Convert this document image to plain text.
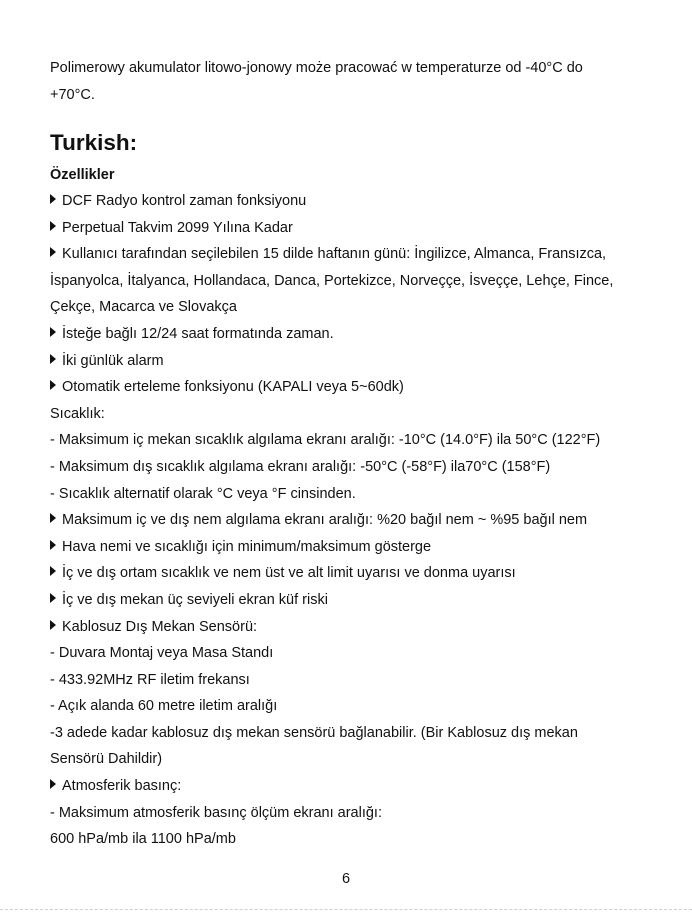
Polimerowy akumulator litowo-jonowy może pracować w temperaturze od -40°C do
+70°C.
Turkish:
Özellikler
DCF Radyo kontrol zaman fonksiyonu
Perpetual Takvim 2099 Yılına Kadar
Kullanıcı tarafından seçilebilen 15 dilde haftanın günü: İngilizce, Almanca, Fransızca,
İspanyolca, İtalyanca, Hollandaca, Danca, Portekizce, Norveççe, İsveççe, Lehçe, Fince,
Çekçe, Macarca ve Slovakça
İsteğe bağlı 12/24 saat formatında zaman.
İki günlük alarm
Otomatik erteleme fonksiyonu (KAPALI veya 5~60dk)
Sıcaklık:
- Maksimum iç mekan sıcaklık algılama ekranı aralığı: -10°C (14.0°F) ila 50°C (122°F)
- Maksimum dış sıcaklık algılama ekranı aralığı: -50°C (-58°F) ila70°C (158°F)
- Sıcaklık alternatif olarak °C veya °F cinsinden.
Maksimum iç ve dış nem algılama ekranı aralığı: %20 bağıl nem ~ %95 bağıl nem
Hava nemi ve sıcaklığı için minimum/maksimum gösterge
İç ve dış ortam sıcaklık ve nem üst ve alt limit uyarısı ve donma uyarısı
İç ve dış mekan üç seviyeli ekran küf riski
Kablosuz Dış Mekan Sensörü:
- Duvara Montaj veya Masa Standı
- 433.92MHz RF iletim frekansı
- Açık alanda 60 metre iletim aralığı
-3 adede kadar kablosuz dış mekan sensörü bağlanabilir. (Bir Kablosuz dış mekan
Sensörü Dahildir)
Atmosferik basınç:
- Maksimum atmosferik basınç ölçüm ekranı aralığı:
600 hPa/mb ila 1100 hPa/mb
6
